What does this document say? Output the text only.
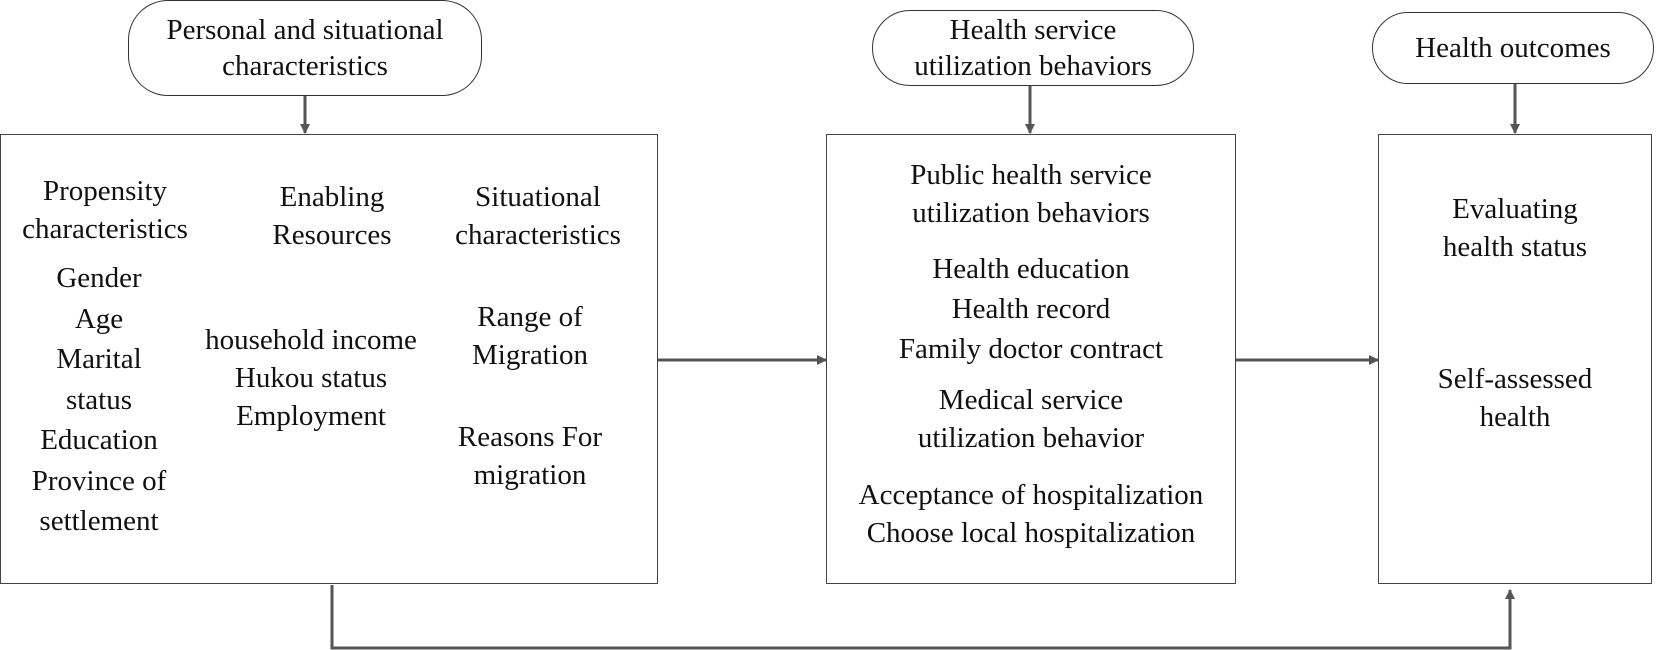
Personal and situational
characteristics
Health service
utilization behaviors
Health outcomes
Propensity
characteristics
Gender
Age
Marital
status
Education
Province of
settlement
Enabling
Resources
household income
Hukou status
Employment
Situational
characteristics
Range of
Migration
Reasons For
migration
Public health service
utilization behaviors
Health education
Health record
Family doctor contract
Medical service
utilization behavior
Acceptance of hospitalization
Choose local hospitalization
Evaluating
health status
Self-assessed
health
